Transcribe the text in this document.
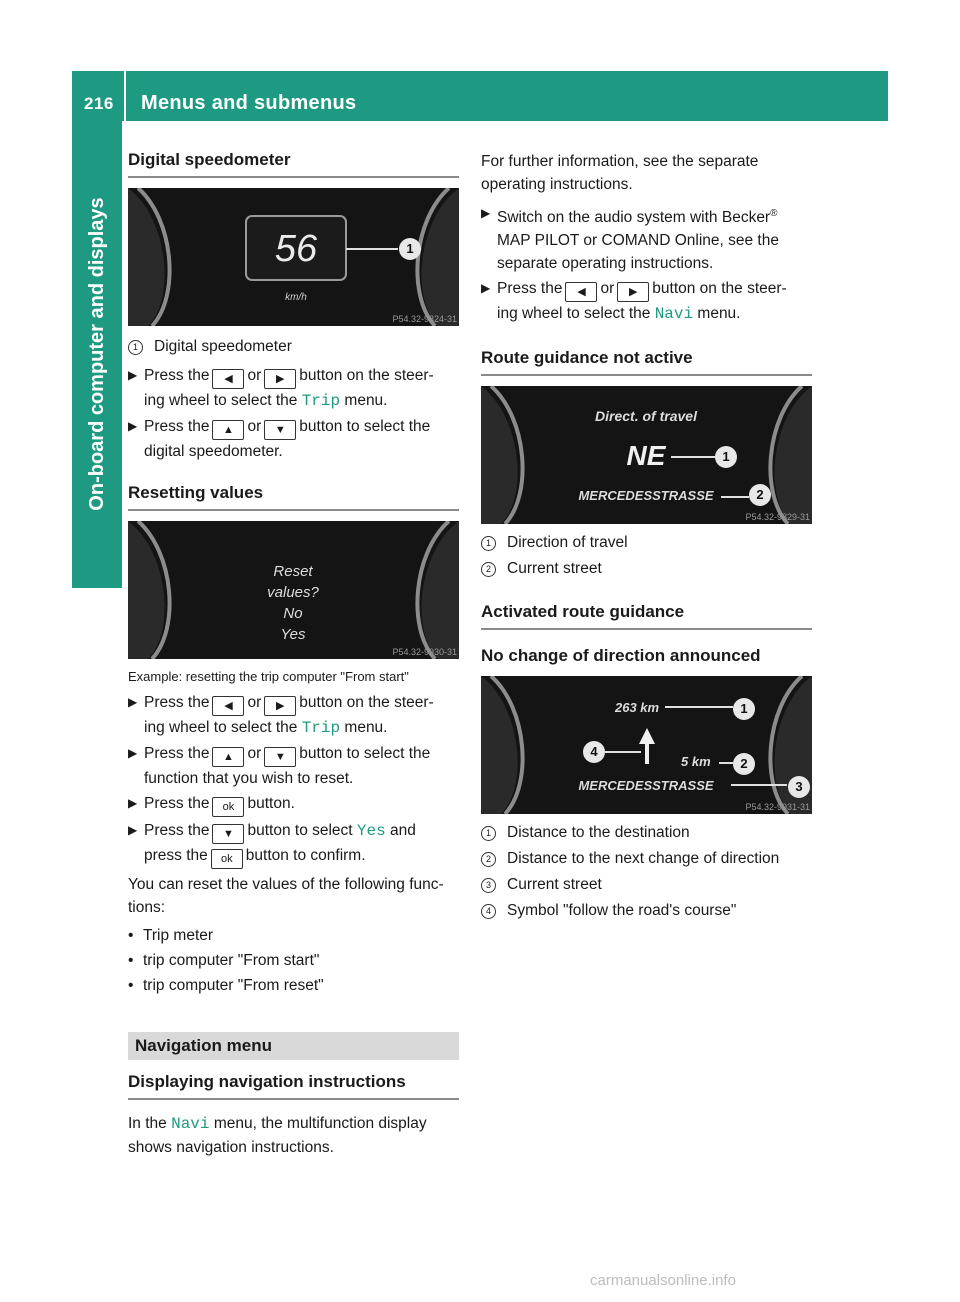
216 Menus and submenus
On-board computer and displays
Digital speedometer
56
km/h
1
P54.32-9824-31
1	Digital speedometer
▶ Press the ◀ or ▶ button on the steer-
ing wheel to select the Trip menu.
▶ Press the ▲ or ▼ button to select the
digital speedometer.
Resetting values
Reset
values?
No
Yes
P54.32-9930-31
Example: resetting the trip computer "From start"
▶ Press the ◀ or ▶ button on the steer-
ing wheel to select the Trip menu.
▶ Press the ▲ or ▼ button to select the
function that you wish to reset.
▶ Press the ok button.
▶ Press the ▼ button to select Yes and
press the ok button to confirm.

You can reset the values of the following func-
tions:

• Trip meter
• trip computer "From start"
• trip computer "From reset"
Navigation menu
Displaying navigation instructions

In the Navi menu, the multifunction display
shows navigation instructions.

For further information, see the separate
operating instructions.

▶ Switch on the audio system with Becker®
MAP PILOT or COMAND Online, see the
separate operating instructions.
▶ Press the ◀ or ▶ button on the steer-
ing wheel to select the Navi menu.
Route guidance not active
Direct. of travel
NE
MERCEDESSTRASSE
1
2
P54.32-9829-31
1	Direction of travel
2	Current street
Activated route guidance
No change of direction announced
263 km
5 km
MERCEDESSTRASSE
1
2
3
4
P54.32-9931-31
1	Distance to the destination
2	Distance to the next change of direction
3	Current street
4	Symbol "follow the road's course"
carmanualsonline.info
